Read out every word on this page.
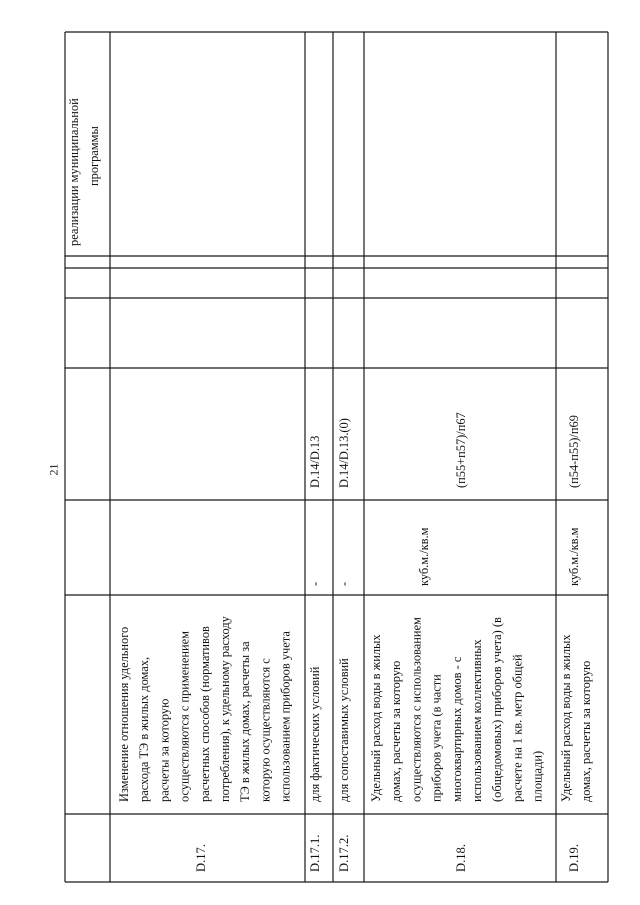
21
реализации муниципальной программы
D.17.
Изменение отношения удельного расхода ТЭ в жилых домах, расчеты за которую осуществляются с применением расчетных способов (нормативов потребления), к удельному расходу ТЭ в жилых домах, расчеты за которую осуществляются с использованием приборов учета
D.17.1.
для фактических условий
-
D.14/D.13
D.17.2.
для сопоставимых условий
-
D.14/D.13.(0)
D.18.
Удельный расход воды в жилых домах, расчеты за которую осуществляются с использованием приборов учета (в части многоквартирных домов - с использованием коллективных (общедомовых) приборов учета) (в расчете на 1 кв. метр общей площади)
куб.м./кв.м
(п55+п57)/п67
D.19.
Удельный расход воды в жилых домах, расчеты за которую
куб.м./кв.м
(п54-п55)/п69
